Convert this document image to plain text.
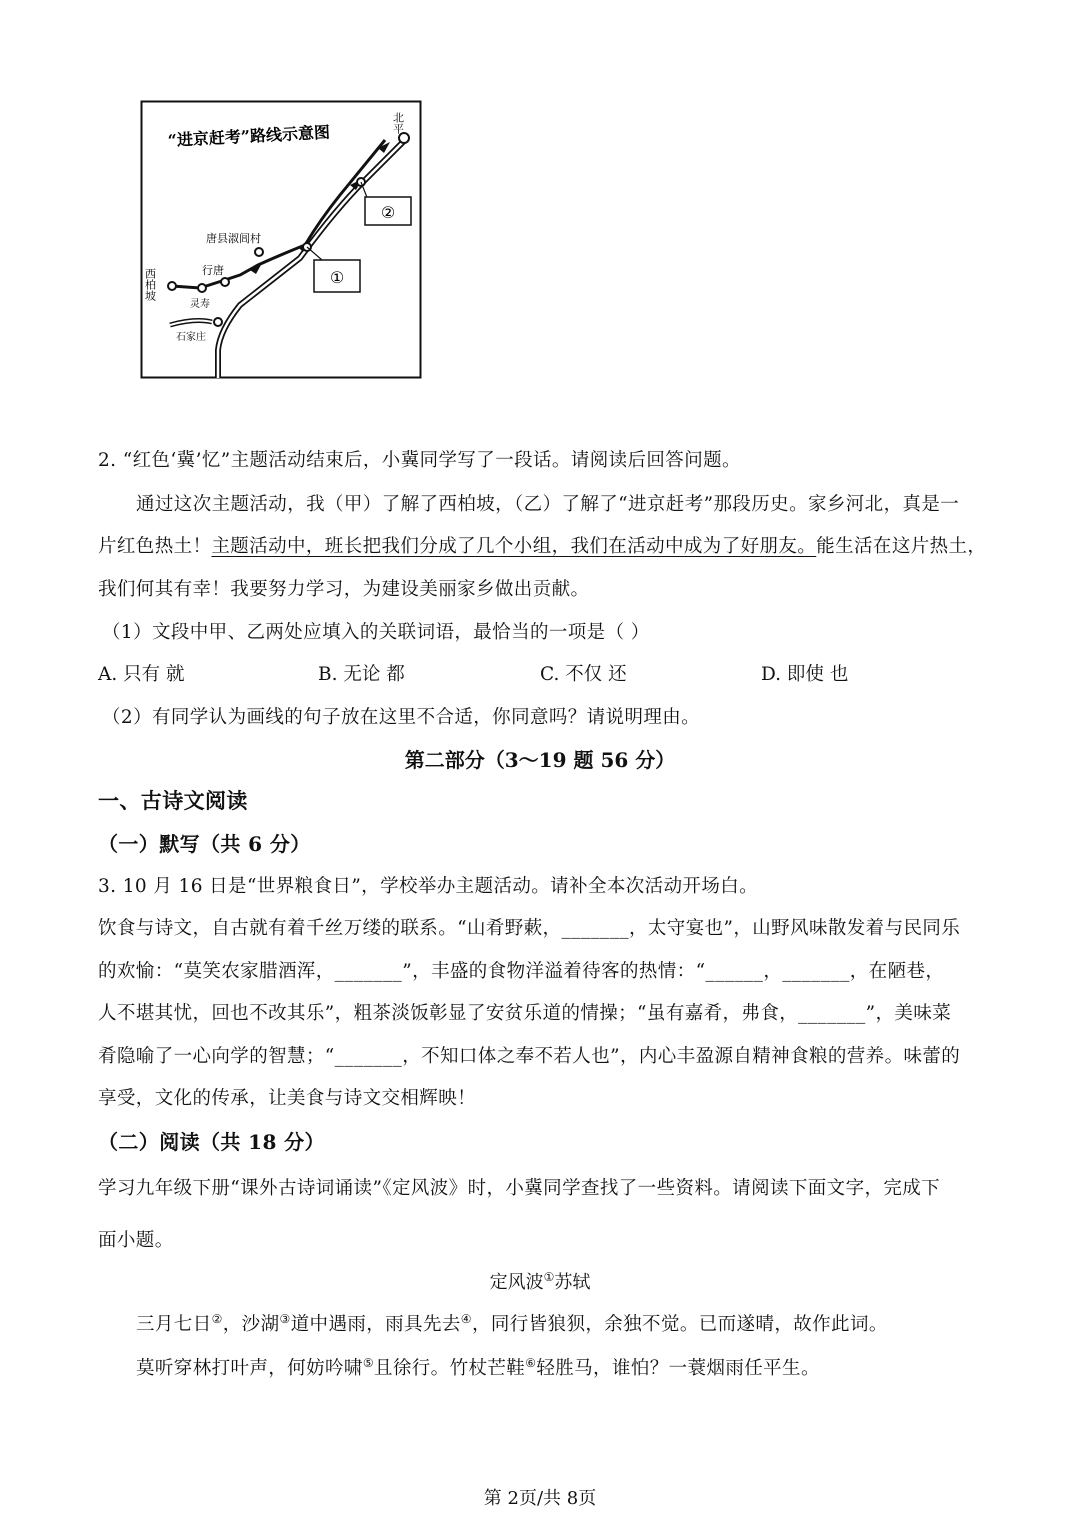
“进京赶考”路线示意图	北平
西柏坡
唐县淑闾村
行唐
灵寿
石家庄
①
②
2. “红色‘冀’忆”主题活动结束后，小冀同学写了一段话。请阅读后回答问题。
通过这次主题活动，我（甲）了解了西柏坡，（乙）了解了“进京赶考”那段历史。家乡河北，真是一
片红色热土！主题活动中，班长把我们分成了几个小组，我们在活动中成为了好朋友。能生活在这片热土，
我们何其有幸！我要努力学习，为建设美丽家乡做出贡献。
（1）文段中甲、乙两处应填入的关联词语，最恰当的一项是（ ）
A. 只有 就	B. 无论 都	C. 不仅 还	D. 即使 也
（2）有同学认为画线的句子放在这里不合适，你同意吗？请说明理由。
第二部分（3～19 题 56 分）
一、古诗文阅读
（一）默写（共 6 分）
3. 10 月 16 日是“世界粮食日”，学校举办主题活动。请补全本次活动开场白。
饮食与诗文，自古就有着千丝万缕的联系。“山肴野蔌，_______，太守宴也”，山野风味散发着与民同乐
的欢愉：“莫笑农家腊酒浑，_______”，丰盛的食物洋溢着待客的热情：“______，_______，在陋巷，
人不堪其忧，回也不改其乐”，粗茶淡饭彰显了安贫乐道的情操；“虽有嘉肴，弗食，_______”，美味菜
肴隐喻了一心向学的智慧；“_______，不知口体之奉不若人也”，内心丰盈源自精神食粮的营养。味蕾的
享受，文化的传承，让美食与诗文交相辉映！
（二）阅读（共 18 分）
学习九年级下册“课外古诗词诵读”《定风波》时，小冀同学查找了一些资料。请阅读下面文字，完成下
面小题。
定风波①苏轼
三月七日②，沙湖③道中遇雨，雨具先去④，同行皆狼狈，余独不觉。已而遂晴，故作此词。
莫听穿林打叶声，何妨吟啸⑤且徐行。竹杖芒鞋⑥轻胜马，谁怕？一蓑烟雨任平生。
第 2页/共 8页
